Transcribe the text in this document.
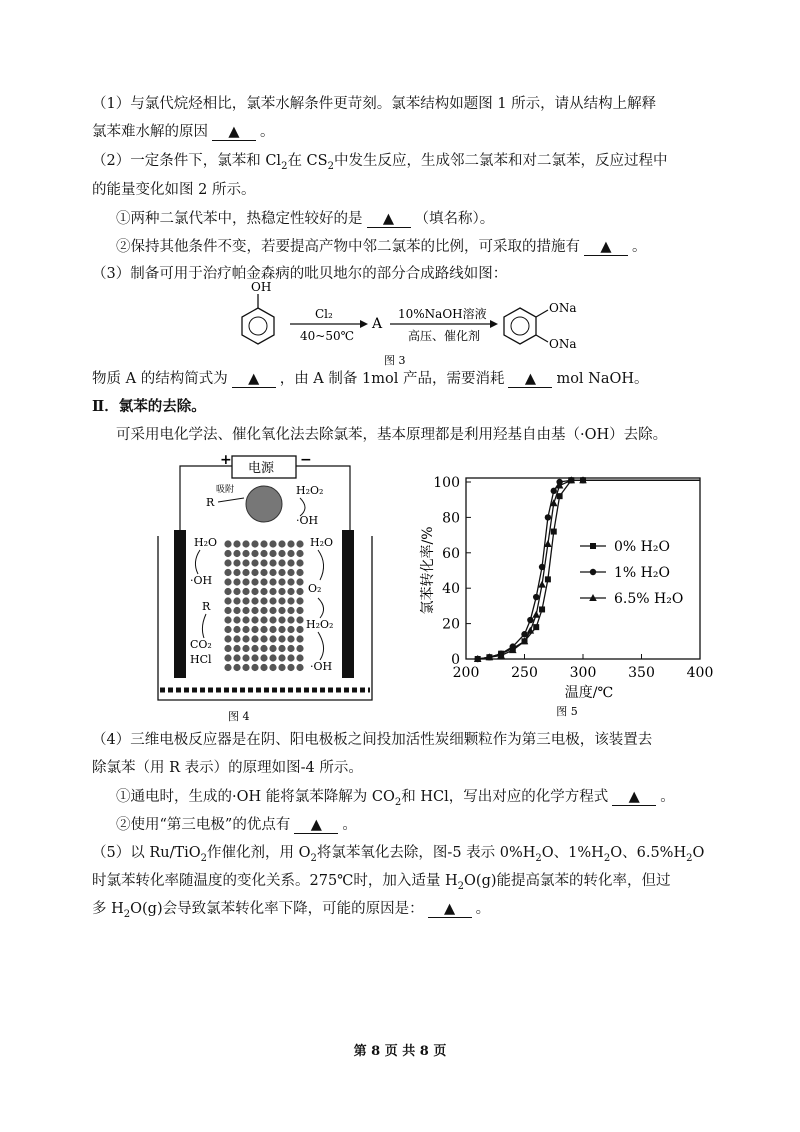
（1）与氯代烷烃相比，氯苯水解条件更苛刻。氯苯结构如题图 1 所示，请从结构上解释
氯苯难水解的原因 ▲ 。
（2）一定条件下，氯苯和 $Cl_2$在 $CS_2$中发生反应，生成邻二氯苯和对二氯苯，反应过程中
的能量变化如图 2 所示。
①两种二氯代苯中，热稳定性较好的是 ▲ （填名称）。
②保持其他条件不变，若要提高产物中邻二氯苯的比例，可采取的措施有 ▲ 。
（3）制备可用于治疗帕金森病的吡贝地尔的部分合成路线如图：
OH
Cl₂
40~50℃
A
10%NaOH溶液
高压、催化剂
ONa
ONa
图 3
物质 A 的结构简式为 ▲ ，由 A 制备 1mol 产品，需要消耗 ▲ mol NaOH。
Ⅱ．氯苯的去除。
可采用电化学法、催化氧化法去除氯苯，基本原理都是利用羟基自由基（·OH）去除。
电源
+	−
吸附
R
H₂O₂
·OH
H₂O
·OH
R
CO₂
HCl
H₂O
O₂
H₂O₂
·OH
图 4
200 250 300 350 400
0
20
40
60
80
100
温度/℃
氯苯转化率/%
图 5
0% H₂O
1% H₂O
6.5% H₂O
（4）三维电极反应器是在阴、阳电极板之间投加活性炭细颗粒作为第三电极，该装置去
除氯苯（用 R 表示）的原理如图-4 所示。
①通电时，生成的·OH 能将氯苯降解为 $CO_2$和 HCl，写出对应的化学方程式 ▲ 。
②使用“第三电极”的优点有 ▲ 。
（5）以 Ru/TiO$_2$作催化剂，用 $O_2$将氯苯氧化去除，图-5 表示 $0\%H_2O$、$1\%H_2O$、$6.5\%H_2O$
时氯苯转化率随温度的变化关系。275℃时，加入适量 $H_2O(g)$能提高氯苯的转化率，但过
多 $H_2O(g)$会导致氯苯转化率下降，可能的原因是： ▲ 。
第 8 页 共 8 页
